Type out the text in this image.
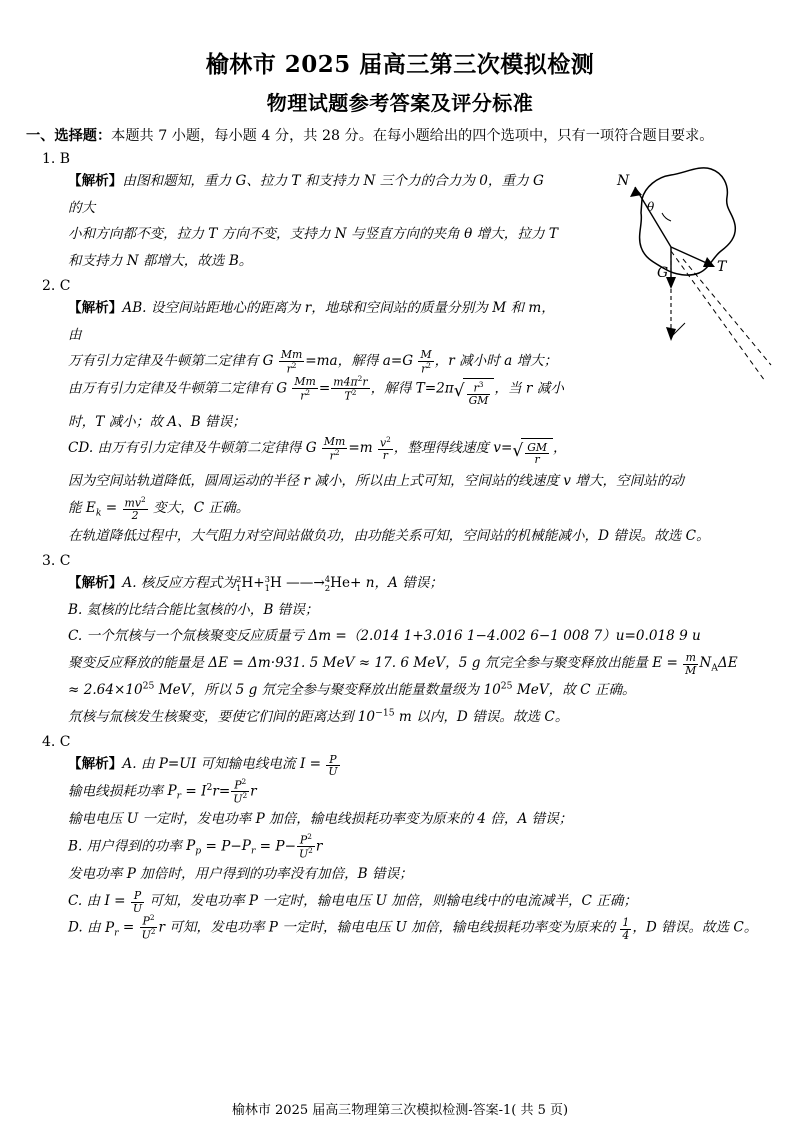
榆林市 2025 届高三第三次模拟检测
物理试题参考答案及评分标准
一、选择题：本题共 7 小题，每小题 4 分，共 28 分。在每小题给出的四个选项中，只有一项符合题目要求。
N
θ
G	T
1. B
【解析】由图和题知，重力 G、拉力 T 和支持力 N 三个力的合力为 0，重力 G 的大
小和方向都不变，拉力 T 方向不变，支持力 N 与竖直方向的夹角 θ 增大，拉力 T
和支持力 N 都增大，故选 B。
2. C
【解析】AB. 设空间站距地心的距离为 r，地球和空间站的质量分别为 M 和 m，由
万有引力定律及牛顿第二定律有 G $\frac{Mm}{r^2} =ma$，解得 $a=G \frac{M}{r^2}$ ，r 减小时 a 增大；
由万有引力定律及牛顿第二定律有 G $\frac{Mm}{r^2} = \frac{m4\pi^2r}{T^2}$ ，解得 $T=2\pi√ \frac{r^3}{GM}$ ，当 r 减小
时，T 减小；故 A、B 错误；
CD. 由万有引力定律及牛顿第二定律得 G $\frac{Mm}{r^2} =m \frac{v^2}{r}$ ，整理得线速度 $v=√ \frac{GM}{r}$ ，
因为空间站轨道降低，圆周运动的半径 r 减小，所以由上式可知，空间站的线速度 v 增大，空间站的动
能 $E_k = \frac{mv^2}{2}$ 变大，C 正确。
在轨道降低过程中，大气阻力对空间站做负功，由功能关系可知，空间站的机械能减小，D 错误。故选 C。
3. C
【解析】A. 核反应方程式为 2
1 H+ 3
1 H ——→ 4
2 He+ n，A 错误；
B. 氦核的比结合能比氢核的小，B 错误；
C. 一个氘核与一个氚核聚变反应质量亏 Δm =（2.014 1+3.016 1−4.002 6−1 008 7）u=0.018 9 u
聚变反应释放的能量是 ΔE = Δm·931. 5 MeV ≈ 17. 6 MeV，5 g 氘完全参与聚变释放出能量 $E = \frac{m}{M} N_A\Delta E$
≈ $2.64\times 10^{25}$ MeV，所以 5 g 氘完全参与聚变释放出能量数量级为 $10^{25}$ MeV，故 C 正确。
氘核与氚核发生核聚变，要使它们间的距离达到 $10^{-15}$ m 以内，D 错误。故选 C。
4. C
【解析】A. 由 P=UI 可知输电线电流 $I = \frac{P}{U}$
输电线损耗功率 $P_r = I^2r= \frac{P^2}{U^2}$ r
输电电压 U 一定时，发电功率 P 加倍，输电线损耗功率变为原来的 4 倍，A 错误；
B. 用户得到的功率 $P_p = P-P_r = P- \frac{P^2}{U^2}$ r
发电功率 P 加倍时，用户得到的功率没有加倍，B 错误；
C. 由 $I = \frac{P}{U}$ 可知，发电功率 P 一定时，输电电压 U 加倍，则输电线中的电流减半，C 正确；
D. 由 $P_r = \frac{P^2}{U^2}$ r 可知，发电功率 P 一定时，输电电压 U 加倍，输电线损耗功率变为原来的 $\frac{1}{4}$ ，D 错误。故选 C。
榆林市 2025 届高三物理第三次模拟检测-答案-1( 共 5 页)
